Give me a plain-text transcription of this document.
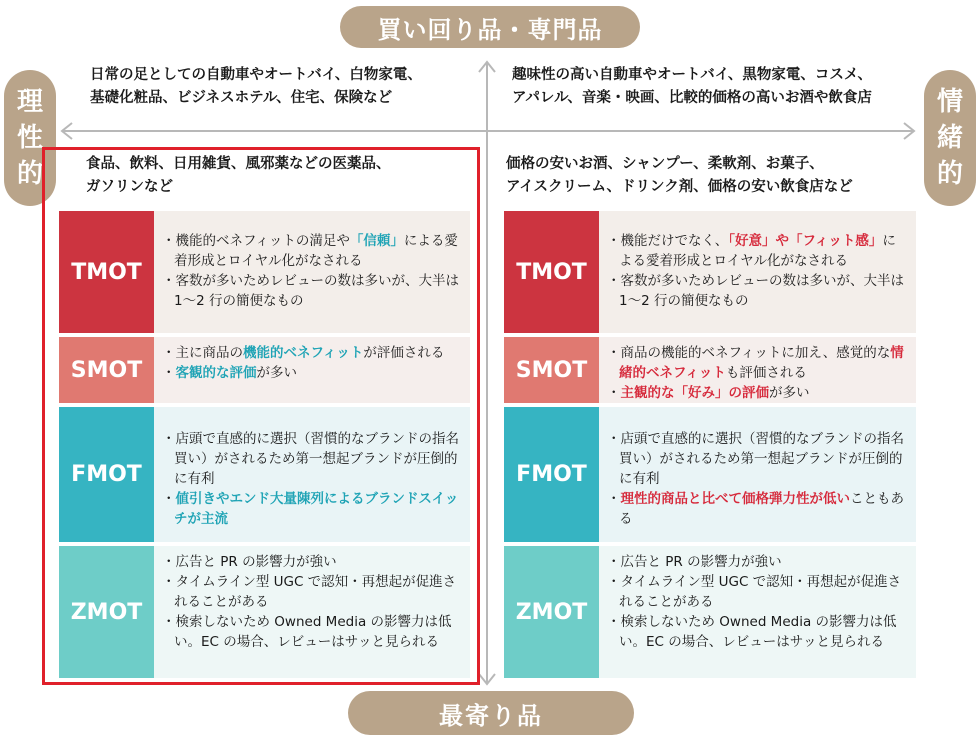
買い回り品・専門品
最寄り品
理性的
情緒的
日常の足としての自動車やオートバイ、白物家電、
基礎化粧品、ビジネスホテル、住宅、保険など
趣味性の高い自動車やオートバイ、黒物家電、コスメ、
アパレル、音楽・映画、比較的価格の高いお酒や飲食店
食品、飲料、日用雑貨、風邪薬などの医薬品、
ガソリンなど
価格の安いお酒、シャンプー、柔軟剤、お菓子、
アイスクリーム、ドリンク剤、価格の安い飲食店など
TMOT
・ 機能的ベネフィットの満足や「信頼」による愛着形成とロイヤル化がなされる
・ 客数が多いためレビューの数は多いが、大半は 1〜2 行の簡便なもの
SMOT
・ 主に商品の機能的ベネフィットが評価される
・ 客観的な評価が多い
FMOT
・ 店頭で直感的に選択（習慣的なブランドの指名買い）がされるため第一想起ブランドが圧倒的に有利
・ 値引きやエンド大量陳列によるブランドスイッチが主流
ZMOT
・ 広告と PR の影響力が強い
・ タイムライン型 UGC で認知・再想起が促進されることがある
・ 検索しないため Owned Media の影響力は低い。EC の場合、レビューはサッと見られる
TMOT
・ 機能だけでなく、「好意」や「フィット感」による愛着形成とロイヤル化がなされる
・ 客数が多いためレビューの数は多いが、大半は 1〜2 行の簡便なもの
SMOT
・ 商品の機能的ベネフィットに加え、感覚的な情緒的ベネフィットも評価される
・ 主観的な「好み」の評価が多い
FMOT
・ 店頭で直感的に選択（習慣的なブランドの指名買い）がされるため第一想起ブランドが圧倒的に有利
・ 理性的商品と比べて価格弾力性が低いこともある
ZMOT
・ 広告と PR の影響力が強い
・ タイムライン型 UGC で認知・再想起が促進されることがある
・ 検索しないため Owned Media の影響力は低い。EC の場合、レビューはサッと見られる
